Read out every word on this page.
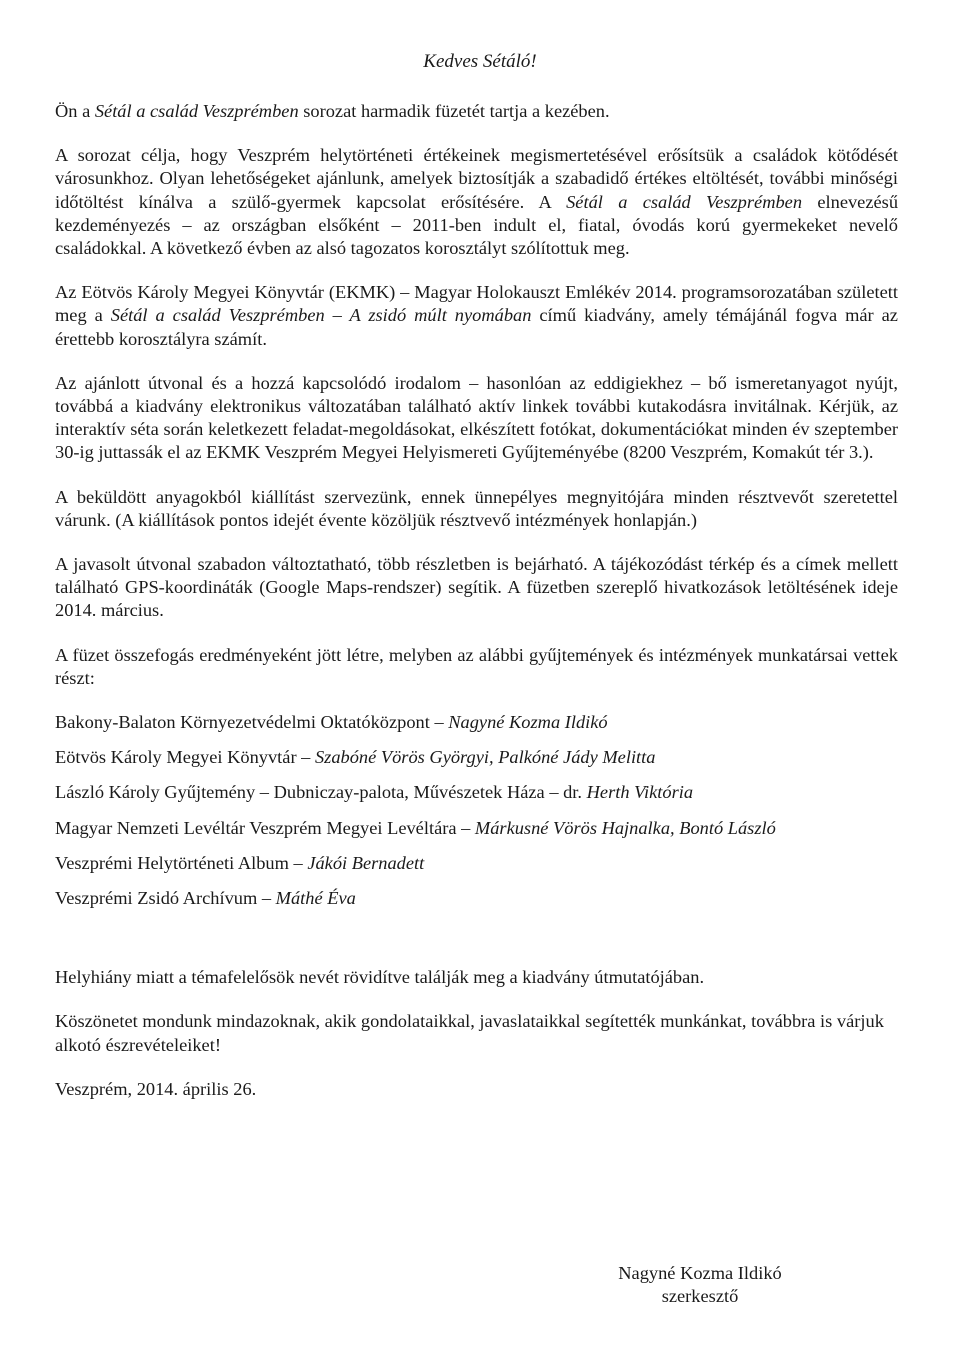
Kedves Sétáló!

Ön a Sétál a család Veszprémben sorozat harmadik füzetét tartja a kezében.

A sorozat célja, hogy Veszprém helytörténeti értékeinek megismertetésével erősítsük a családok kötődését városunkhoz. Olyan lehetőségeket ajánlunk, amelyek biztosítják a szabadidő értékes eltöltését, további minőségi időtöltést kínálva a szülő-gyermek kapcsolat erősítésére. A Sétál a család Veszprémben elnevezésű kezdeményezés – az országban elsőként – 2011-ben indult el, fiatal, óvodás korú gyermekeket nevelő családokkal. A következő évben az alsó tagozatos korosztályt szólítottuk meg.

Az Eötvös Károly Megyei Könyvtár (EKMK) – Magyar Holokauszt Emlékév 2014. programsorozatában született meg a Sétál a család Veszprémben – A zsidó múlt nyomában című kiadvány, amely témájánál fogva már az érettebb korosztályra számít.

Az ajánlott útvonal és a hozzá kapcsolódó irodalom – hasonlóan az eddigiekhez – bő ismeretanyagot nyújt, továbbá a kiadvány elektronikus változatában található aktív linkek további kutakodásra invitálnak. Kérjük, az interaktív séta során keletkezett feladat-megoldásokat, elkészített fotókat, dokumentációkat minden év szeptember 30-ig juttassák el az EKMK Veszprém Megyei Helyismereti Gyűjteményébe (8200 Veszprém, Komakút tér 3.).

A beküldött anyagokból kiállítást szervezünk, ennek ünnepélyes megnyitójára minden résztvevőt szeretettel várunk. (A kiállítások pontos idejét évente közöljük résztvevő intézmények honlapján.)

A javasolt útvonal szabadon változtatható, több részletben is bejárható. A tájékozódást térkép és a címek mellett található GPS-koordináták (Google Maps-rendszer) segítik. A füzetben szereplő hivatkozások letöltésének ideje 2014. március.

A füzet összefogás eredményeként jött létre, melyben az alábbi gyűjtemények és intézmények munkatársai vettek részt:

Bakony-Balaton Környezetvédelmi Oktatóközpont – Nagyné Kozma Ildikó
Eötvös Károly Megyei Könyvtár – Szabóné Vörös Györgyi, Palkóné Jády Melitta
László Károly Gyűjtemény – Dubniczay-palota, Művészetek Háza – dr. Herth Viktória
Magyar Nemzeti Levéltár Veszprém Megyei Levéltára – Márkusné Vörös Hajnalka, Bontó László
Veszprémi Helytörténeti Album – Jákói Bernadett
Veszprémi Zsidó Archívum – Máthé Éva

Helyhiány miatt a témafelelősök nevét rövidítve találják meg a kiadvány útmutatójában.

Köszönetet mondunk mindazoknak, akik gondolataikkal, javaslataikkal segítették munkánkat, továbbra is várjuk alkotó észrevételeiket!

Veszprém, 2014. április 26.

Nagyné Kozma Ildikó
szerkesztő
